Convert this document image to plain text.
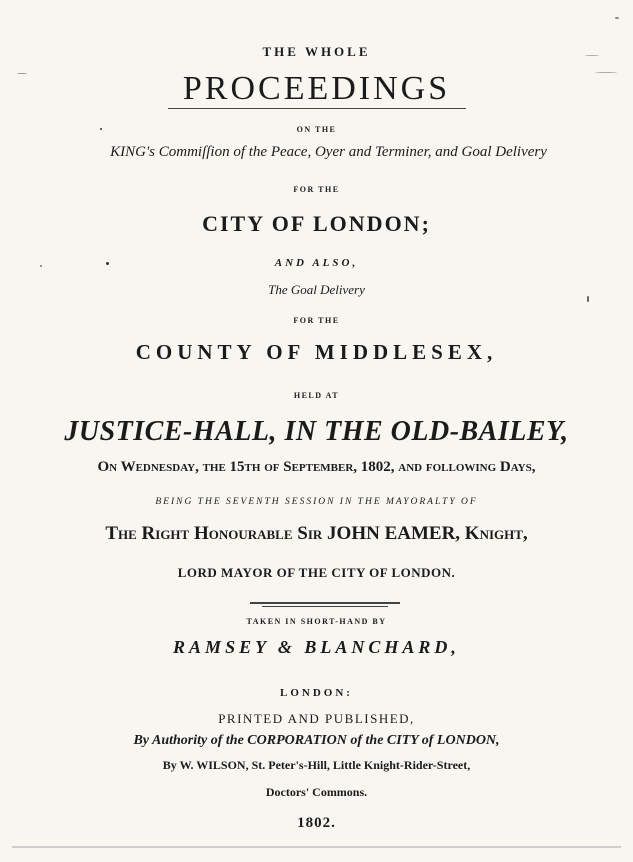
THE WHOLE
PROCEEDINGS
ON THE
KING's Commiſſion of the Peace, Oyer and Terminer, and Goal Delivery
FOR THE
CITY OF LONDON;
AND ALSO,
The Goal Delivery
FOR THE
COUNTY OF MIDDLESEX,
HELD AT
JUSTICE-HALL, IN THE OLD-BAILEY,
On Wednesday, the 15th of September, 1802, and following Days,
BEING THE SEVENTH SESSION IN THE MAYORALTY OF
The Right Honourable Sir JOHN EAMER, Knight,
LORD MAYOR OF THE CITY OF LONDON.
TAKEN IN SHORT-HAND BY
RAMSEY & BLANCHARD,
LONDON:
PRINTED AND PUBLISHED,
By Authority of the CORPORATION of the CITY of LONDON,
By W. WILSON, St. Peter's-Hill, Little Knight-Rider-Street,
Doctors' Commons.
1802.
